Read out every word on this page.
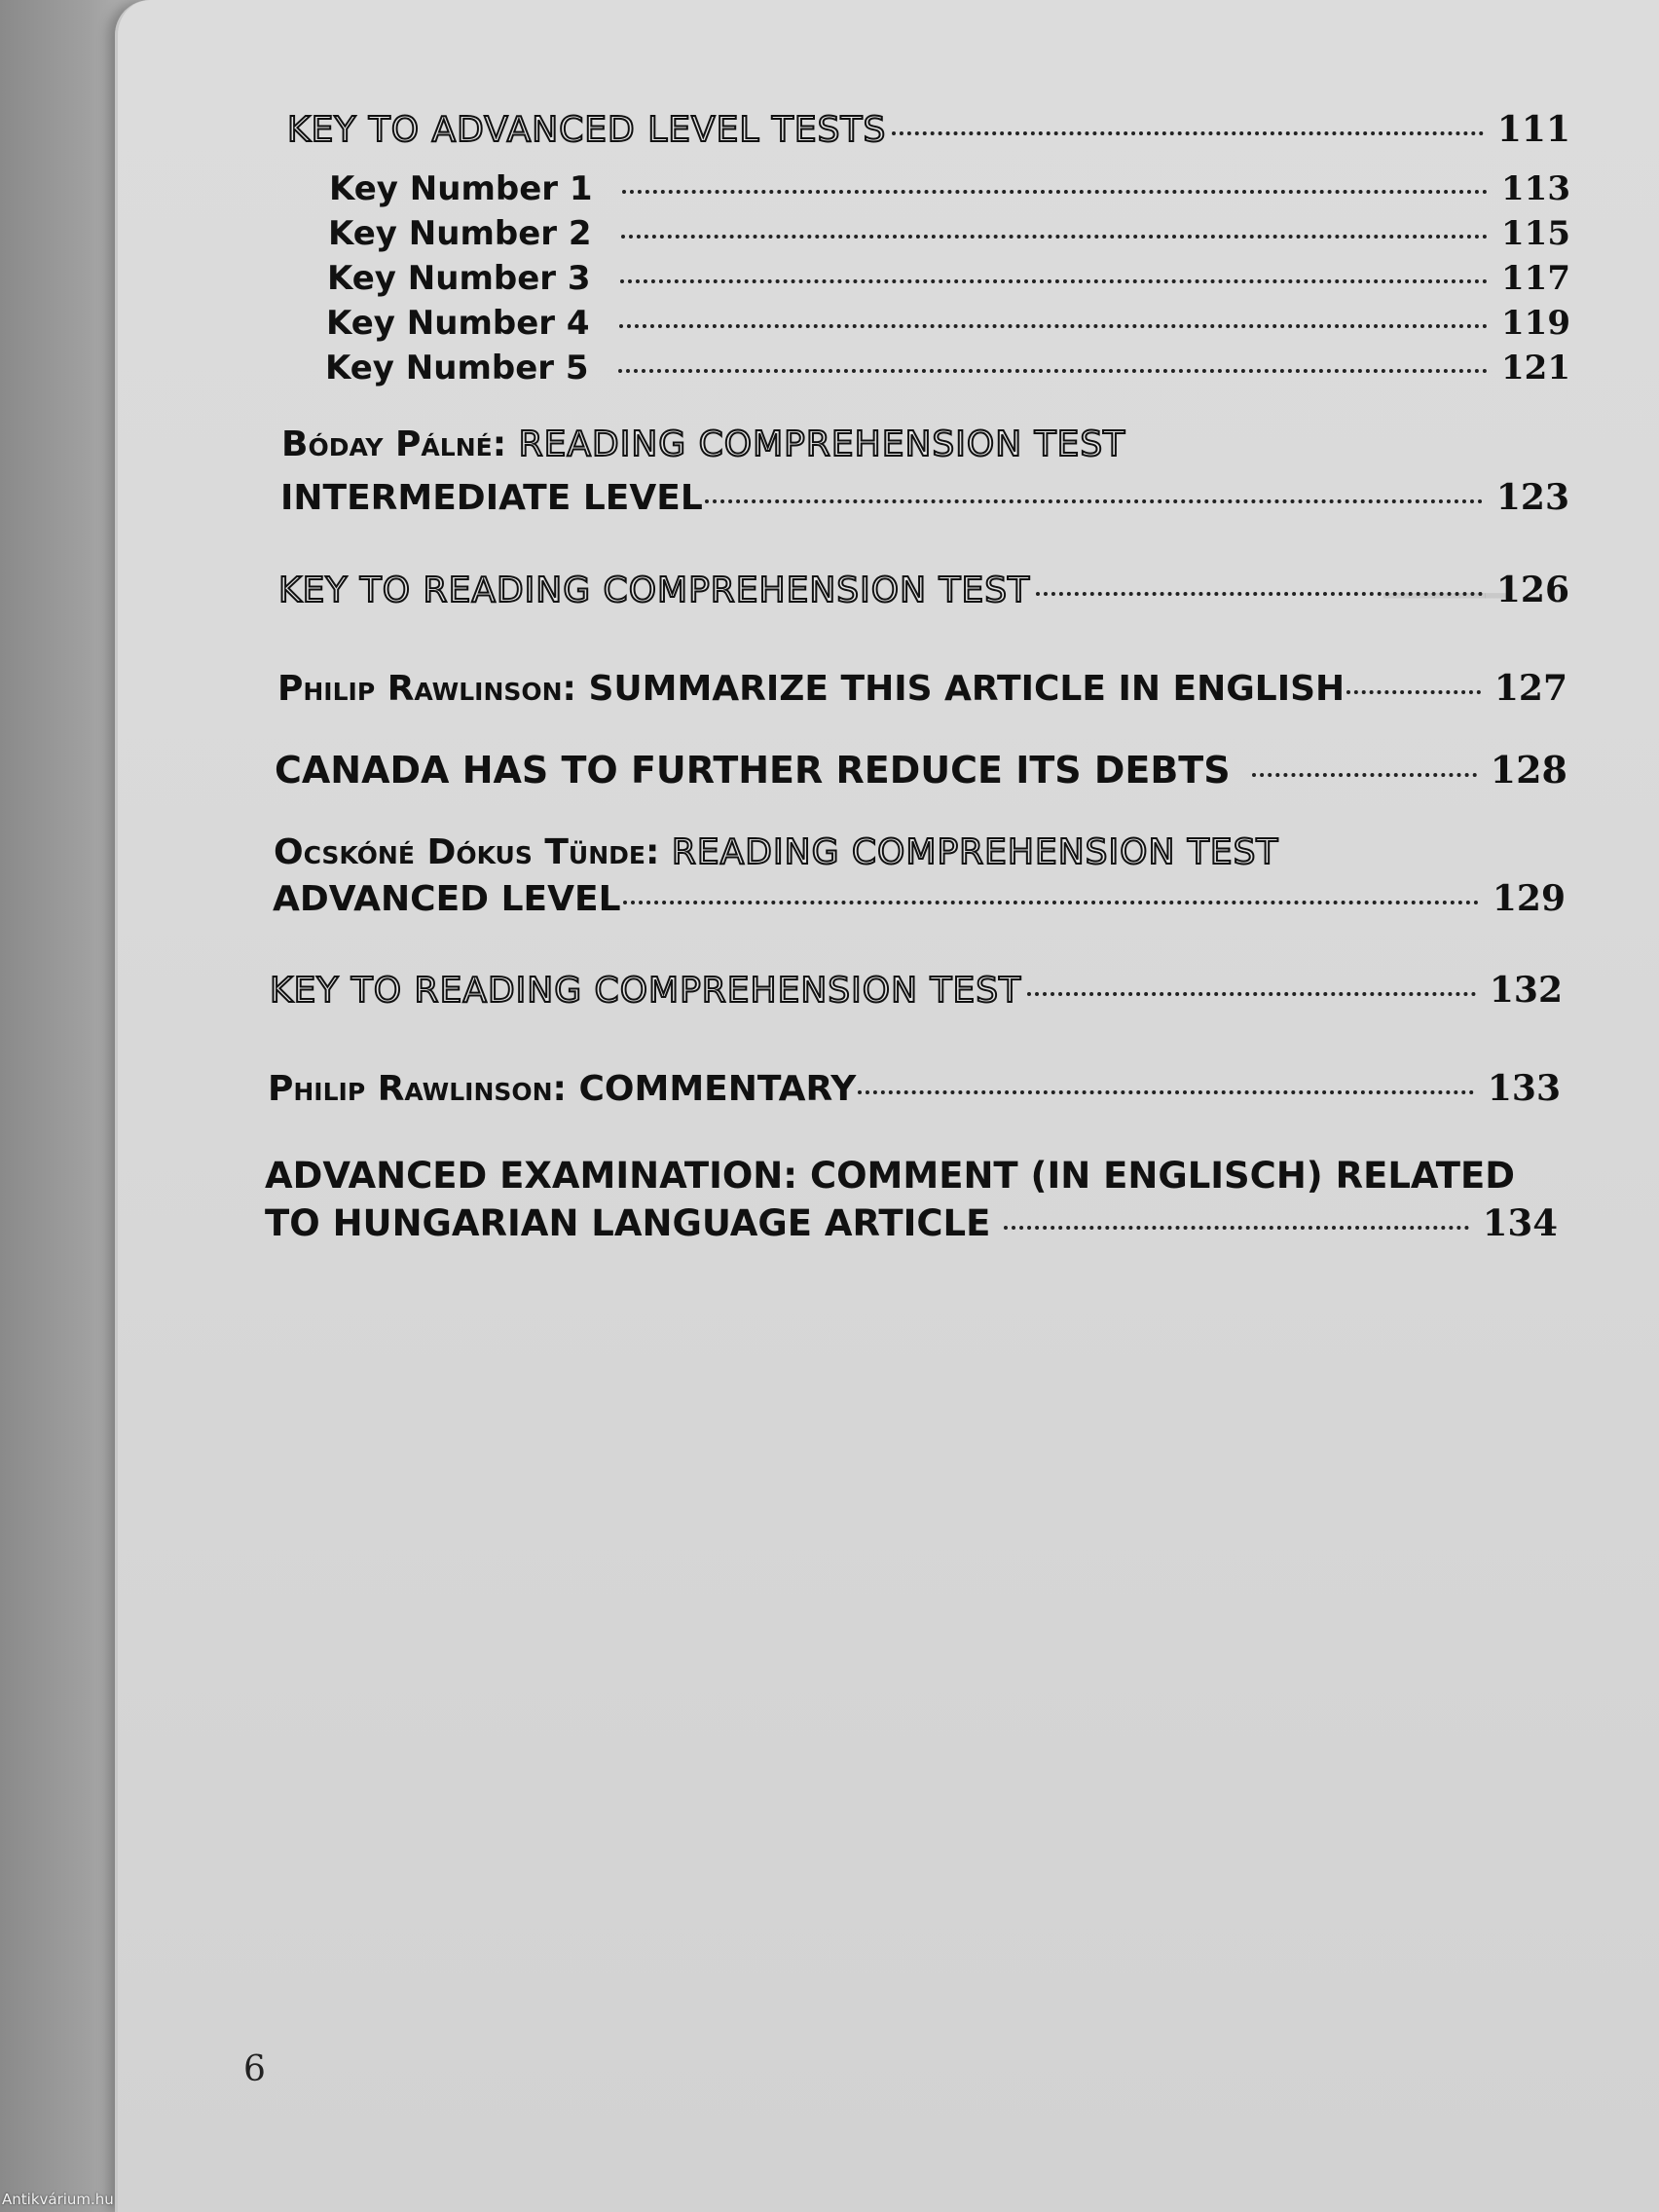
▔▔▔▔▔
KEY TO ADVANCED LEVEL TESTS	111
Key Number 1	113
Key Number 2	115
Key Number 3	117
Key Number 4	119
Key Number 5	121
Bóday Pálné: READING COMPREHENSION TEST
INTERMEDIATE LEVEL	123
KEY TO READING COMPREHENSION TEST	126
Philip Rawlinson: SUMMARIZE THIS ARTICLE IN ENGLISH	127
CANADA HAS TO FURTHER REDUCE ITS DEBTS	128
Ocskóné Dókus Tünde: READING COMPREHENSION TEST
ADVANCED LEVEL	129
KEY TO READING COMPREHENSION TEST	132
Philip Rawlinson: COMMENTARY	133
ADVANCED EXAMINATION: COMMENT (IN ENGLISCH) RELATED
TO HUNGARIAN LANGUAGE ARTICLE	134
6
Antikvárium.hu
